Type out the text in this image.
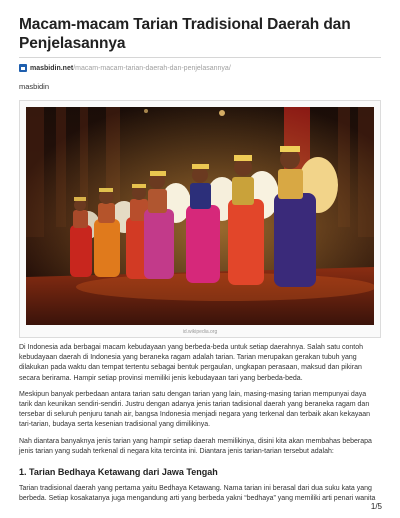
Macam-macam Tarian Tradisional Daerah dan Penjelasannya
masbidin.net /macam-macam-tarian-daerah-dan-penjelasannya/
masbidin
id.wikipedia.org

Di Indonesia ada berbagai macam kebudayaan yang berbeda-beda untuk setiap daerahnya. Salah satu contoh kebudayaan daerah di Indonesia yang beraneka ragam adalah tarian. Tarian merupakan gerakan tubuh yang dilakukan pada waktu dan tempat tertentu sebagai bentuk pergaulan, ungkapan perasaan, maksud dan pikiran secara berirama. Hampir setiap provinsi memiliki jenis kebudayaan tari yang berbeda-beda.

Meskipun banyak perbedaan antara tarian satu dengan tarian yang lain, masing-masing tarian mempunyai daya tarik dan keunikan sendiri-sendiri. Justru dengan adanya jenis tarian tadisional daerah yang beraneka ragam dan tersebar di seluruh penjuru tanah air, bangsa Indonesia menjadi negara yang terkenal dan terbaik akan kekayaan tari-tarian, budaya serta kesenian tradisional yang dimilikinya.

Nah diantara banyaknya jenis tarian yang hampir setiap daerah memilikinya, disini kita akan membahas beberapa jenis tarian yang sudah terkenal di negara kita tercinta ini. Diantara jenis tarian-tarian tersebut adalah:

1. Tarian Bedhaya Ketawang dari Jawa Tengah

Tarian tradisional daerah yang pertama yaitu Bedhaya Ketawang. Nama tarian ini berasal dari dua suku kata yang berbeda. Setiap kosakatanya juga mengandung arti yang berbeda yakni “bedhaya” yang memiliki arti penari wanita

1/5
